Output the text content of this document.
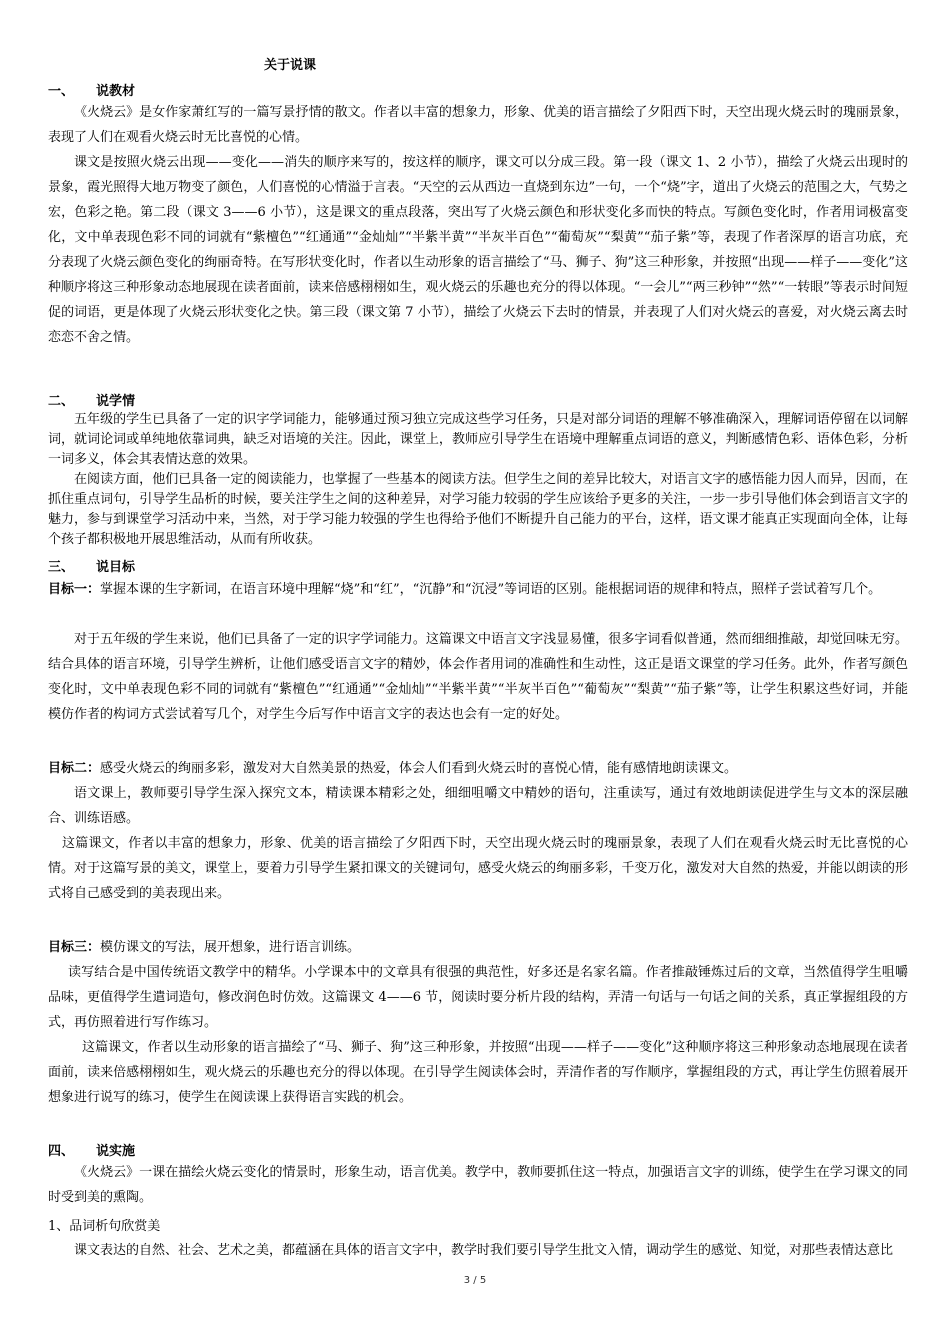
关于说课
一、 说教材
《火烧云》是女作家萧红写的一篇写景抒情的散文。作者以丰富的想象力，形象、优美的语言描绘了夕阳西下时，天空出现火烧云时的瑰丽景象，表现了人们在观看火烧云时无比喜悦的心情。
课文是按照火烧云出现——变化——消失的顺序来写的，按这样的顺序，课文可以分成三段。第一段（课文 1、2 小节），描绘了火烧云出现时的景象，霞光照得大地万物变了颜色，人们喜悦的心情溢于言表。“天空的云从西边一直烧到东边”一句，一个“烧”字，道出了火烧云的范围之大，气势之宏，色彩之艳。第二段（课文 3——6 小节），这是课文的重点段落，突出写了火烧云颜色和形状变化多而快的特点。写颜色变化时，作者用词极富变化，文中单表现色彩不同的词就有“紫檀色”“红通通”“金灿灿”“半紫半黄”“半灰半百色”“葡萄灰”“梨黄”“茄子紫”等，表现了作者深厚的语言功底，充分表现了火烧云颜色变化的绚丽奇特。在写形状变化时，作者以生动形象的语言描绘了“马、狮子、狗”这三种形象，并按照“出现——样子——变化”这种顺序将这三种形象动态地展现在读者面前，读来倍感栩栩如生，观火烧云的乐趣也充分的得以体现。“一会儿”“两三秒钟”“然”“一转眼”等表示时间短促的词语，更是体现了火烧云形状变化之快。第三段（课文第 7 小节），描绘了火烧云下去时的情景，并表现了人们对火烧云的喜爱，对火烧云离去时恋恋不舍之情。
二、 说学情
五年级的学生已具备了一定的识字学词能力，能够通过预习独立完成这些学习任务，只是对部分词语的理解不够准确深入，理解词语停留在以词解词，就词论词或单纯地依靠词典，缺乏对语境的关注。因此，课堂上，教师应引导学生在语境中理解重点词语的意义，判断感情色彩、语体色彩，分析一词多义，体会其表情达意的效果。
在阅读方面，他们已具备一定的阅读能力，也掌握了一些基本的阅读方法。但学生之间的差异比较大，对语言文字的感悟能力因人而异，因而，在抓住重点词句，引导学生品析的时候，要关注学生之间的这种差异，对学习能力较弱的学生应该给予更多的关注，一步一步引导他们体会到语言文字的魅力，参与到课堂学习活动中来，当然，对于学习能力较强的学生也得给予他们不断提升自己能力的平台，这样，语文课才能真正实现面向全体，让每个孩子都积极地开展思维活动，从而有所收获。
三、 说目标
目标一：掌握本课的生字新词，在语言环境中理解“烧”和“红”，“沉静”和“沉浸”等词语的区别。能根据词语的规律和特点，照样子尝试着写几个。
对于五年级的学生来说，他们已具备了一定的识字学词能力。这篇课文中语言文字浅显易懂，很多字词看似普通，然而细细推敲，却觉回味无穷。结合具体的语言环境，引导学生辨析，让他们感受语言文字的精妙，体会作者用词的准确性和生动性，这正是语文课堂的学习任务。此外，作者写颜色变化时，文中单表现色彩不同的词就有“紫檀色”“红通通”“金灿灿”“半紫半黄”“半灰半百色”“葡萄灰”“梨黄”“茄子紫”等，让学生积累这些好词，并能模仿作者的构词方式尝试着写几个，对学生今后写作中语言文字的表达也会有一定的好处。
目标二：感受火烧云的绚丽多彩，激发对大自然美景的热爱，体会人们看到火烧云时的喜悦心情，能有感情地朗读课文。
语文课上，教师要引导学生深入探究文本，精读课本精彩之处，细细咀嚼文中精妙的语句，注重读写，通过有效地朗读促进学生与文本的深层融合、训练语感。
这篇课文，作者以丰富的想象力，形象、优美的语言描绘了夕阳西下时，天空出现火烧云时的瑰丽景象，表现了人们在观看火烧云时无比喜悦的心情。对于这篇写景的美文，课堂上，要着力引导学生紧扣课文的关键词句，感受火烧云的绚丽多彩，千变万化，激发对大自然的热爱，并能以朗读的形式将自己感受到的美表现出来。
目标三：模仿课文的写法，展开想象，进行语言训练。
读写结合是中国传统语文教学中的精华。小学课本中的文章具有很强的典范性，好多还是名家名篇。作者推敲锤炼过后的文章，当然值得学生咀嚼品味，更值得学生遣词造句，修改润色时仿效。这篇课文 4——6 节，阅读时要分析片段的结构，弄清一句话与一句话之间的关系，真正掌握组段的方式，再仿照着进行写作练习。
这篇课文，作者以生动形象的语言描绘了“马、狮子、狗”这三种形象，并按照“出现——样子——变化”这种顺序将这三种形象动态地展现在读者面前，读来倍感栩栩如生，观火烧云的乐趣也充分的得以体现。在引导学生阅读体会时，弄清作者的写作顺序，掌握组段的方式，再让学生仿照着展开想象进行说写的练习，使学生在阅读课上获得语言实践的机会。
四、 说实施
《火烧云》一课在描绘火烧云变化的情景时，形象生动，语言优美。教学中，教师要抓住这一特点，加强语言文字的训练，使学生在学习课文的同时受到美的熏陶。
1、品词析句欣赏美
课文表达的自然、社会、艺术之美，都蕴涵在具体的语言文字中，教学时我们要引导学生批文入情，调动学生的感觉、知觉，对那些表情达意比
3 / 5
